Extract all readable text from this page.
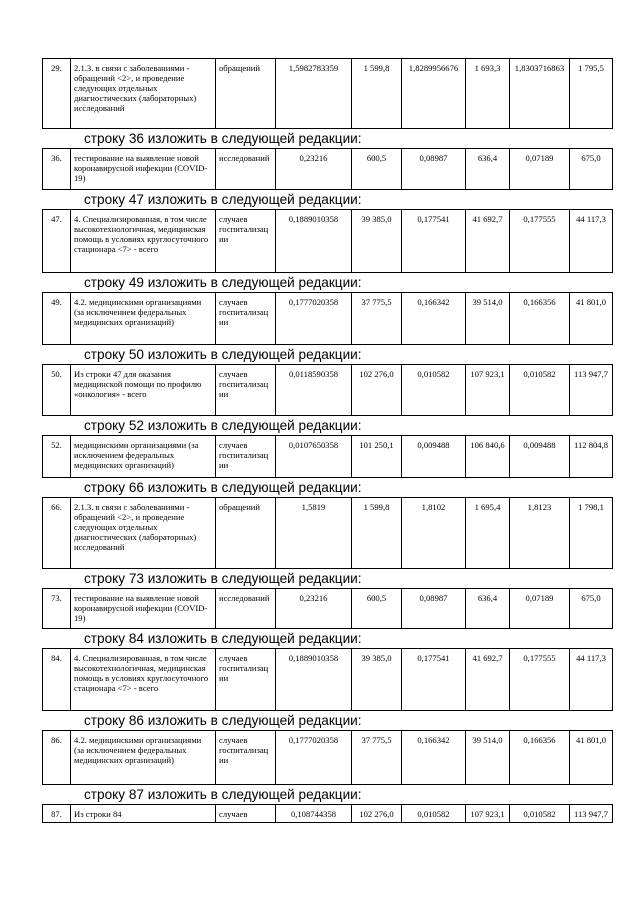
29.	2.1.3. в связи с заболеваниями - обращений <2>, и проведение следующих отдельных диагностических (лабораторных) исследований	обращений	1,5982783359	1 599,8	1,8289956676	1 693,3	1,8303716863	1 795,5
строку 36 изложить в следующей редакции:
36.	тестирование на выявление новой коронавирусной инфекции (COVID-19)	исследований	0,23216	600,5	0,08987	636,4	0,07189	675,0
строку 47 изложить в следующей редакции:
47.	4. Специализированная, в том числе высокотехнологичная, медицинская помощь в условиях круглосуточного стационара <7> - всего	случаев госпитализации	0,1889010358	39 385,0	0,177541	41 692,7	0,177555	44 117,3
строку 49 изложить в следующей редакции:
49.	4.2. медицинскими организациями (за исключением федеральных медицинских организаций)	случаев госпитализации	0,1777020358	37 775,5	0,166342	39 514,0	0,166356	41 801,0
строку 50 изложить в следующей редакции:
50.	Из строки 47 для оказания медицинской помощи по профилю «онкология» - всего	случаев госпитализации	0,0118590358	102 276,0	0,010582	107 923,1	0,010582	113 947,7
строку 52 изложить в следующей редакции:
52.	медицинскими организациями (за исключением федеральных медицинских организаций)	случаев госпитализации	0,0107650358	101 250,1	0,009488	106 840,6	0,009488	112 804,8
строку 66 изложить в следующей редакции:
66.	2.1.3. в связи с заболеваниями - обращений <2>, и проведение следующих отдельных диагностических (лабораторных) исследований	обращений	1,5819	1 599,8	1,8102	1 695,4	1,8123	1 798,1
строку 73 изложить в следующей редакции:
73.	тестирование на выявление новой коронавирусной инфекции (COVID-19)	исследований	0,23216	600,5	0,08987	636,4	0,07189	675,0
строку 84 изложить в следующей редакции:
84.	4. Специализированная, в том числе высокотехнологичная, медицинская помощь в условиях круглосуточного стационара <7> - всего	случаев госпитализации	0,1889010358	39 385,0	0,177541	41 692,7	0,177555	44 117,3
строку 86 изложить в следующей редакции:
86.	4.2. медицинскими организациями (за исключением федеральных медицинских организаций)	случаев госпитализации	0,1777020358	37 775,5	0,166342	39 514,0	0,166356	41 801,0
строку 87 изложить в следующей редакции:
87.	Из строки 84	случаев	0,108744358	102 276,0	0,010582	107 923,1	0,010582	113 947,7
